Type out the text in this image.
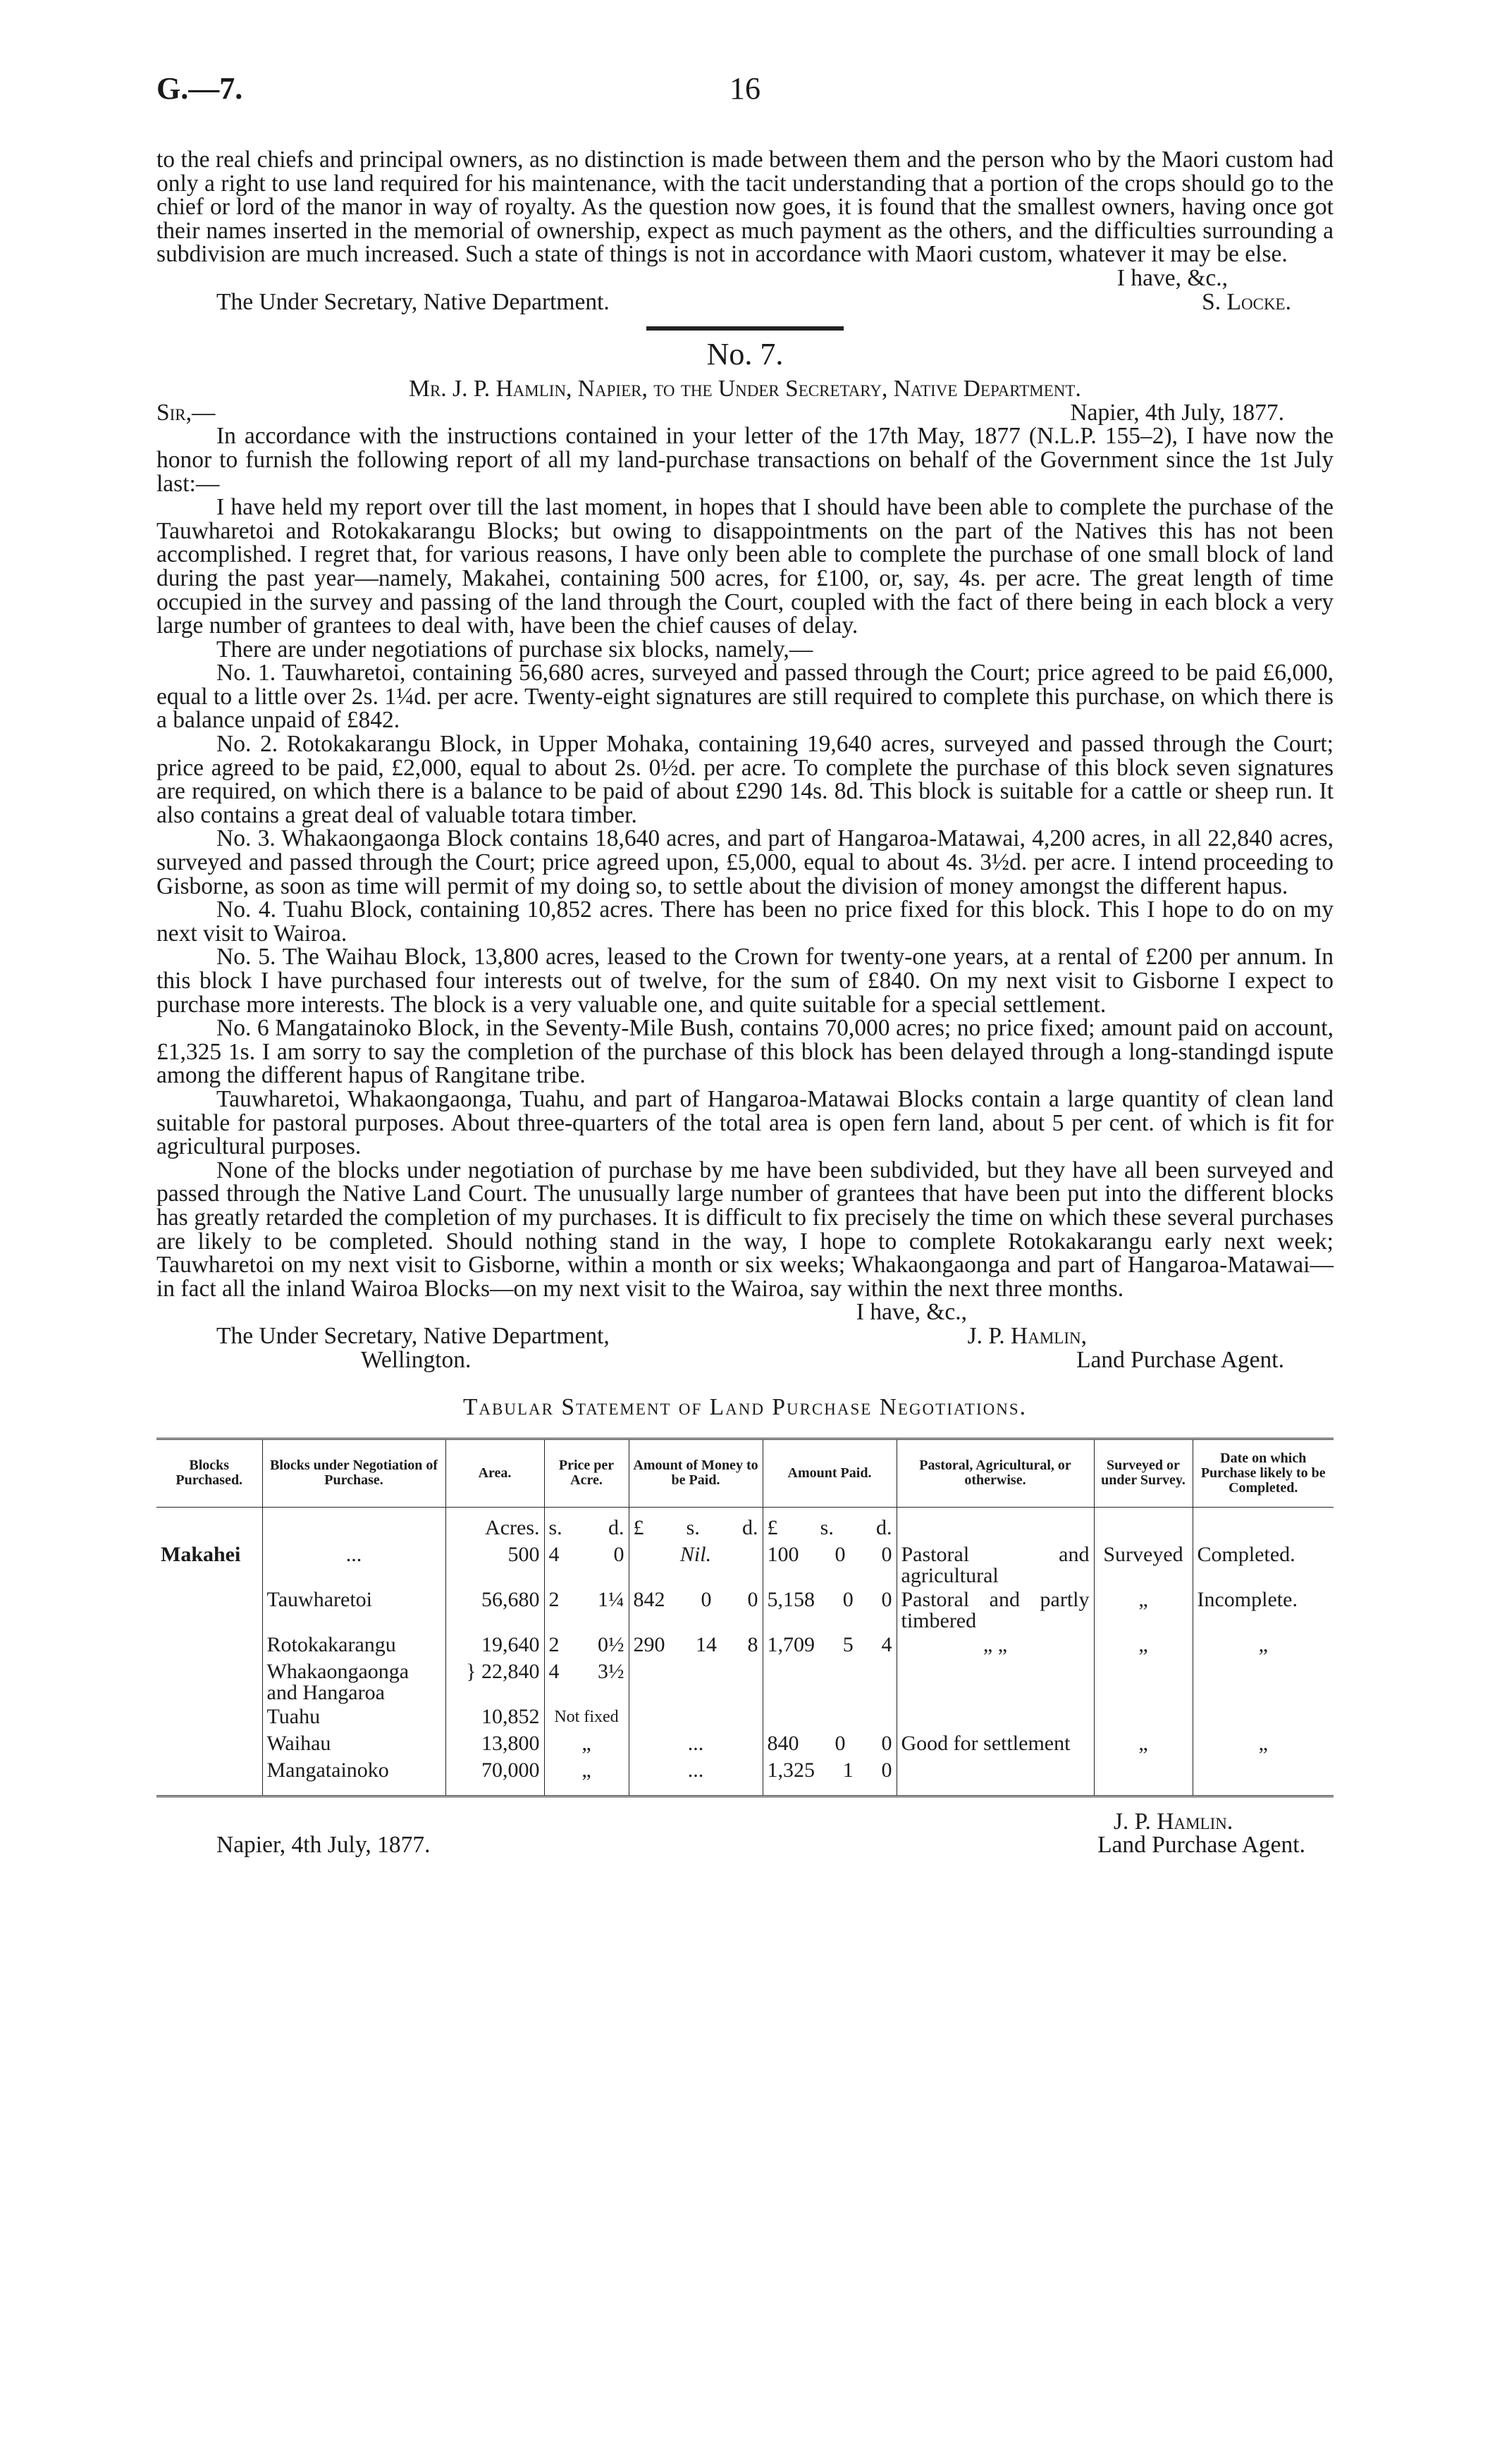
G.—7.	16

to the real chiefs and principal owners, as no distinction is made between them and the person who by the Maori custom had only a right to use land required for his maintenance, with the tacit understanding that a portion of the crops should go to the chief or lord of the manor in way of royalty. As the question now goes, it is found that the smallest owners, having once got their names inserted in the memorial of ownership, expect as much payment as the others, and the difficulties surrounding a subdivision are much increased. Such a state of things is not in accordance with Maori custom, whatever it may be else.

I have, &c.,
The Under Secretary, Native Department.	S. Locke.
No. 7.
Mr. J. P. Hamlin, Napier, to the Under Secretary, Native Department.
Sir,—	Napier, 4th July, 1877.

In accordance with the instructions contained in your letter of the 17th May, 1877 (N.L.P. 155–2), I have now the honor to furnish the following report of all my land-purchase transactions on behalf of the Government since the 1st July last:—

I have held my report over till the last moment, in hopes that I should have been able to complete the purchase of the Tauwharetoi and Rotokakarangu Blocks; but owing to disappointments on the part of the Natives this has not been accomplished. I regret that, for various reasons, I have only been able to complete the purchase of one small block of land during the past year—namely, Makahei, containing 500 acres, for £100, or, say, 4s. per acre. The great length of time occupied in the survey and passing of the land through the Court, coupled with the fact of there being in each block a very large number of grantees to deal with, have been the chief causes of delay.

There are under negotiations of purchase six blocks, namely,—

No. 1. Tauwharetoi, containing 56,680 acres, surveyed and passed through the Court; price agreed to be paid £6,000, equal to a little over 2s. 1¼d. per acre. Twenty-eight signatures are still required to complete this purchase, on which there is a balance unpaid of £842.

No. 2. Rotokakarangu Block, in Upper Mohaka, containing 19,640 acres, surveyed and passed through the Court; price agreed to be paid, £2,000, equal to about 2s. 0½d. per acre. To complete the purchase of this block seven signatures are required, on which there is a balance to be paid of about £290 14s. 8d. This block is suitable for a cattle or sheep run. It also contains a great deal of valuable totara timber.

No. 3. Whakaongaonga Block contains 18,640 acres, and part of Hangaroa-Matawai, 4,200 acres, in all 22,840 acres, surveyed and passed through the Court; price agreed upon, £5,000, equal to about 4s. 3½d. per acre. I intend proceeding to Gisborne, as soon as time will permit of my doing so, to settle about the division of money amongst the different hapus.

No. 4. Tuahu Block, containing 10,852 acres. There has been no price fixed for this block. This I hope to do on my next visit to Wairoa.

No. 5. The Waihau Block, 13,800 acres, leased to the Crown for twenty-one years, at a rental of £200 per annum. In this block I have purchased four interests out of twelve, for the sum of £840. On my next visit to Gisborne I expect to purchase more interests. The block is a very valuable one, and quite suitable for a special settlement.

No. 6 Mangatainoko Block, in the Seventy-Mile Bush, contains 70,000 acres; no price fixed; amount paid on account, £1,325 1s. I am sorry to say the completion of the purchase of this block has been delayed through a long-standingd ispute among the different hapus of Rangitane tribe.

Tauwharetoi, Whakaongaonga, Tuahu, and part of Hangaroa-Matawai Blocks contain a large quantity of clean land suitable for pastoral purposes. About three-quarters of the total area is open fern land, about 5 per cent. of which is fit for agricultural purposes.

None of the blocks under negotiation of purchase by me have been subdivided, but they have all been surveyed and passed through the Native Land Court. The unusually large number of grantees that have been put into the different blocks has greatly retarded the completion of my purchases. It is difficult to fix precisely the time on which these several purchases are likely to be completed. Should nothing stand in the way, I hope to complete Rotokakarangu early next week; Tauwharetoi on my next visit to Gisborne, within a month or six weeks; Whakaongaonga and part of Hangaroa-Matawai—in fact all the inland Wairoa Blocks—on my next visit to the Wairoa, say within the next three months.

I have, &c.,
The Under Secretary, Native Department,	J. P. Hamlin,
Wellington.	Land Purchase Agent.
Tabular Statement of Land Purchase Negotiations.
Blocks Purchased.	Blocks under Negotiation of Purchase.	Area.	Price per Acre.	Amount of Money to be Paid.	Amount Paid.	Pastoral, Agricultural, or otherwise.	Surveyed or under Survey.	Date on which Purchase likely to be Completed.
		Acres.	s. d.	£ s. d.	£ s. d.			

Makahei	...	500	4 0	Nil.	100 0 0	Pastoral and agricultural	Surveyed	Completed.
	Tauwharetoi	56,680	2 1¼	842 0 0	5,158 0 0	Pastoral and partly timbered	„	Incomplete.
	Rotokakarangu	19,640	2 0½	290 14 8	1,709 5 4	„ „	„	„
	Whakaongaonga and Hangaroa	} 22,840	4 3½					

	Tuahu	10,852	Not fixed					
	Waihau	13,800	„	...	840 0 0	Good for settlement	„	„
	Mangatainoko	70,000	„	...	1,325 1 0			

Napier, 4th July, 1877.
J. P. Hamlin.
Land Purchase Agent.
